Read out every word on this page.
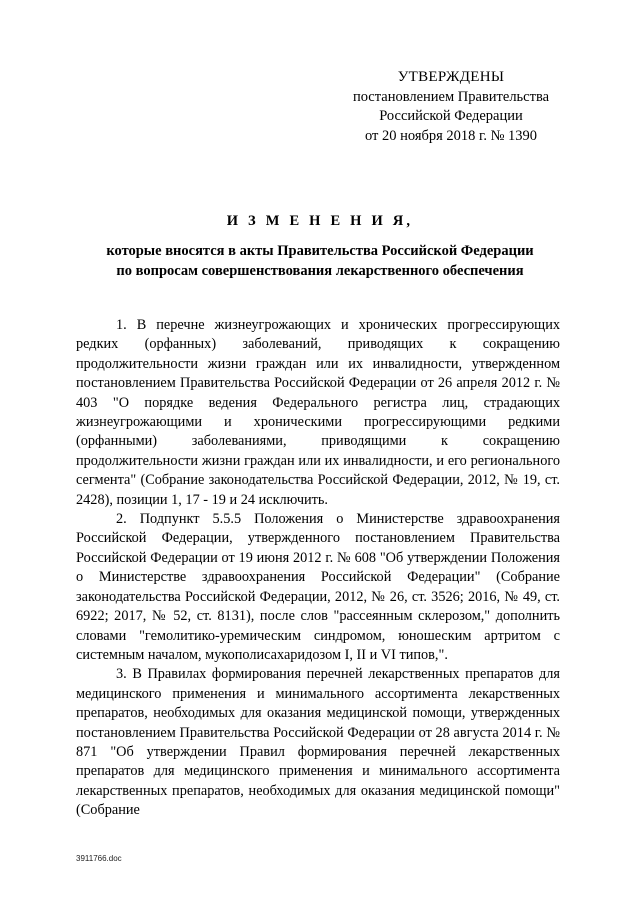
УТВЕРЖДЕНЫ
постановлением Правительства
Российской Федерации
от 20 ноября 2018 г. № 1390
И З М Е Н Е Н И Я,
которые вносятся в акты Правительства Российской Федерации
по вопросам совершенствования лекарственного обеспечения

1. В перечне жизнеугрожающих и хронических прогрессирующих редких (орфанных) заболеваний, приводящих к сокращению продолжительности жизни граждан или их инвалидности, утвержденном постановлением Правительства Российской Федерации от 26 апреля 2012 г. № 403 "О порядке ведения Федерального регистра лиц, страдающих жизнеугрожающими и хроническими прогрессирующими редкими (орфанными) заболеваниями, приводящими к сокращению продолжительности жизни граждан или их инвалидности, и его регионального сегмента" (Собрание законодательства Российской Федерации, 2012, № 19, ст. 2428), позиции 1, 17 - 19 и 24 исключить.

2. Подпункт 5.5.5 Положения о Министерстве здравоохранения Российской Федерации, утвержденного постановлением Правительства Российской Федерации от 19 июня 2012 г. № 608 "Об утверждении Положения о Министерстве здравоохранения Российской Федерации" (Собрание законодательства Российской Федерации, 2012, № 26, ст. 3526; 2016, № 49, ст. 6922; 2017, № 52, ст. 8131), после слов "рассеянным склерозом," дополнить словами "гемолитико-уремическим синдромом, юношеским артритом с системным началом, мукополисахаридозом I, II и VI типов,".

3. В Правилах формирования перечней лекарственных препаратов для медицинского применения и минимального ассортимента лекарственных препаратов, необходимых для оказания медицинской помощи, утвержденных постановлением Правительства Российской Федерации от 28 августа 2014 г. № 871 "Об утверждении Правил формирования перечней лекарственных препаратов для медицинского применения и минимального ассортимента лекарственных препаратов, необходимых для оказания медицинской помощи" (Собрание

3911766.doc
